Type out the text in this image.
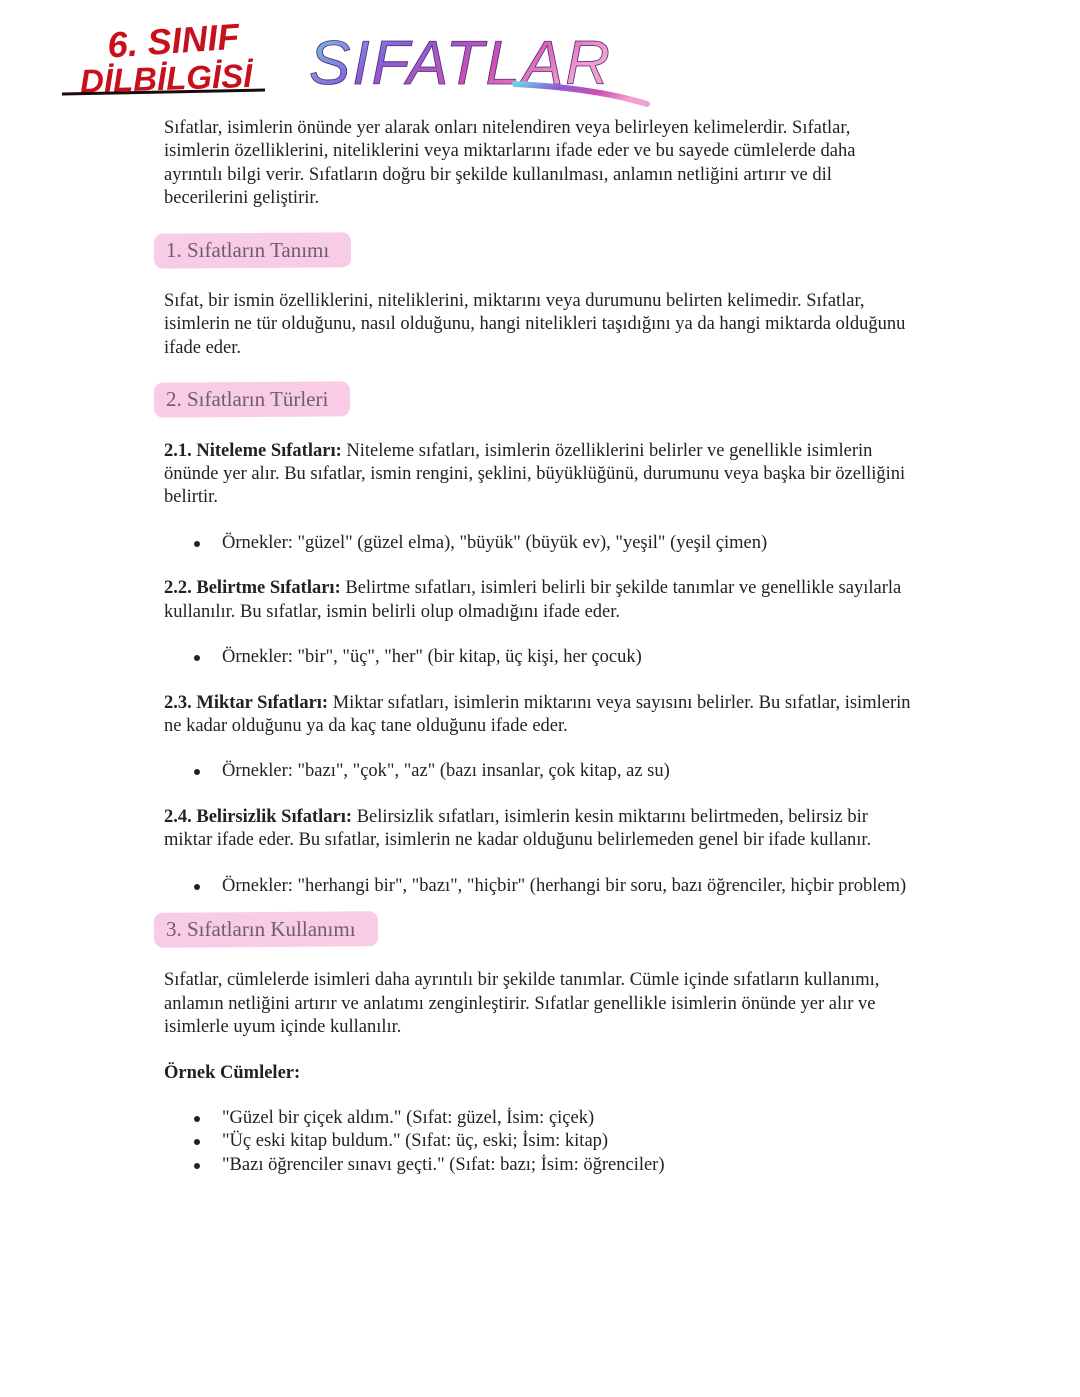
6. SINIF
DİLBİLGİSİ SIFATLAR

Sıfatlar, isimlerin önünde yer alarak onları nitelendiren veya belirleyen kelimelerdir. Sıfatlar, isimlerin özelliklerini, niteliklerini veya miktarlarını ifade eder ve bu sayede cümlelerde daha ayrıntılı bilgi verir. Sıfatların doğru bir şekilde kullanılması, anlamın netliğini artırır ve dil becerilerini geliştirir.

1. Sıfatların Tanımı

Sıfat, bir ismin özelliklerini, niteliklerini, miktarını veya durumunu belirten kelimedir. Sıfatlar, isimlerin ne tür olduğunu, nasıl olduğunu, hangi nitelikleri taşıdığını ya da hangi miktarda olduğunu ifade eder.

2. Sıfatların Türleri

2.1. Niteleme Sıfatları: Niteleme sıfatları, isimlerin özelliklerini belirler ve genellikle isimlerin önünde yer alır. Bu sıfatlar, ismin rengini, şeklini, büyüklüğünü, durumunu veya başka bir özelliğini belirtir.

Örnekler: "güzel" (güzel elma), "büyük" (büyük ev), "yeşil" (yeşil çimen)

2.2. Belirtme Sıfatları: Belirtme sıfatları, isimleri belirli bir şekilde tanımlar ve genellikle sayılarla kullanılır. Bu sıfatlar, ismin belirli olup olmadığını ifade eder.

Örnekler: "bir", "üç", "her" (bir kitap, üç kişi, her çocuk)

2.3. Miktar Sıfatları: Miktar sıfatları, isimlerin miktarını veya sayısını belirler. Bu sıfatlar, isimlerin ne kadar olduğunu ya da kaç tane olduğunu ifade eder.

Örnekler: "bazı", "çok", "az" (bazı insanlar, çok kitap, az su)

2.4. Belirsizlik Sıfatları: Belirsizlik sıfatları, isimlerin kesin miktarını belirtmeden, belirsiz bir miktar ifade eder. Bu sıfatlar, isimlerin ne kadar olduğunu belirlemeden genel bir ifade kullanır.

Örnekler: "herhangi bir", "bazı", "hiçbir" (herhangi bir soru, bazı öğrenciler, hiçbir problem)
3. Sıfatların Kullanımı

Sıfatlar, cümlelerde isimleri daha ayrıntılı bir şekilde tanımlar. Cümle içinde sıfatların kullanımı, anlamın netliğini artırır ve anlatımı zenginleştirir. Sıfatlar genellikle isimlerin önünde yer alır ve isimlerle uyum içinde kullanılır.

Örnek Cümleler:

"Güzel bir çiçek aldım." (Sıfat: güzel, İsim: çiçek)
"Üç eski kitap buldum." (Sıfat: üç, eski; İsim: kitap)
"Bazı öğrenciler sınavı geçti." (Sıfat: bazı; İsim: öğrenciler)
